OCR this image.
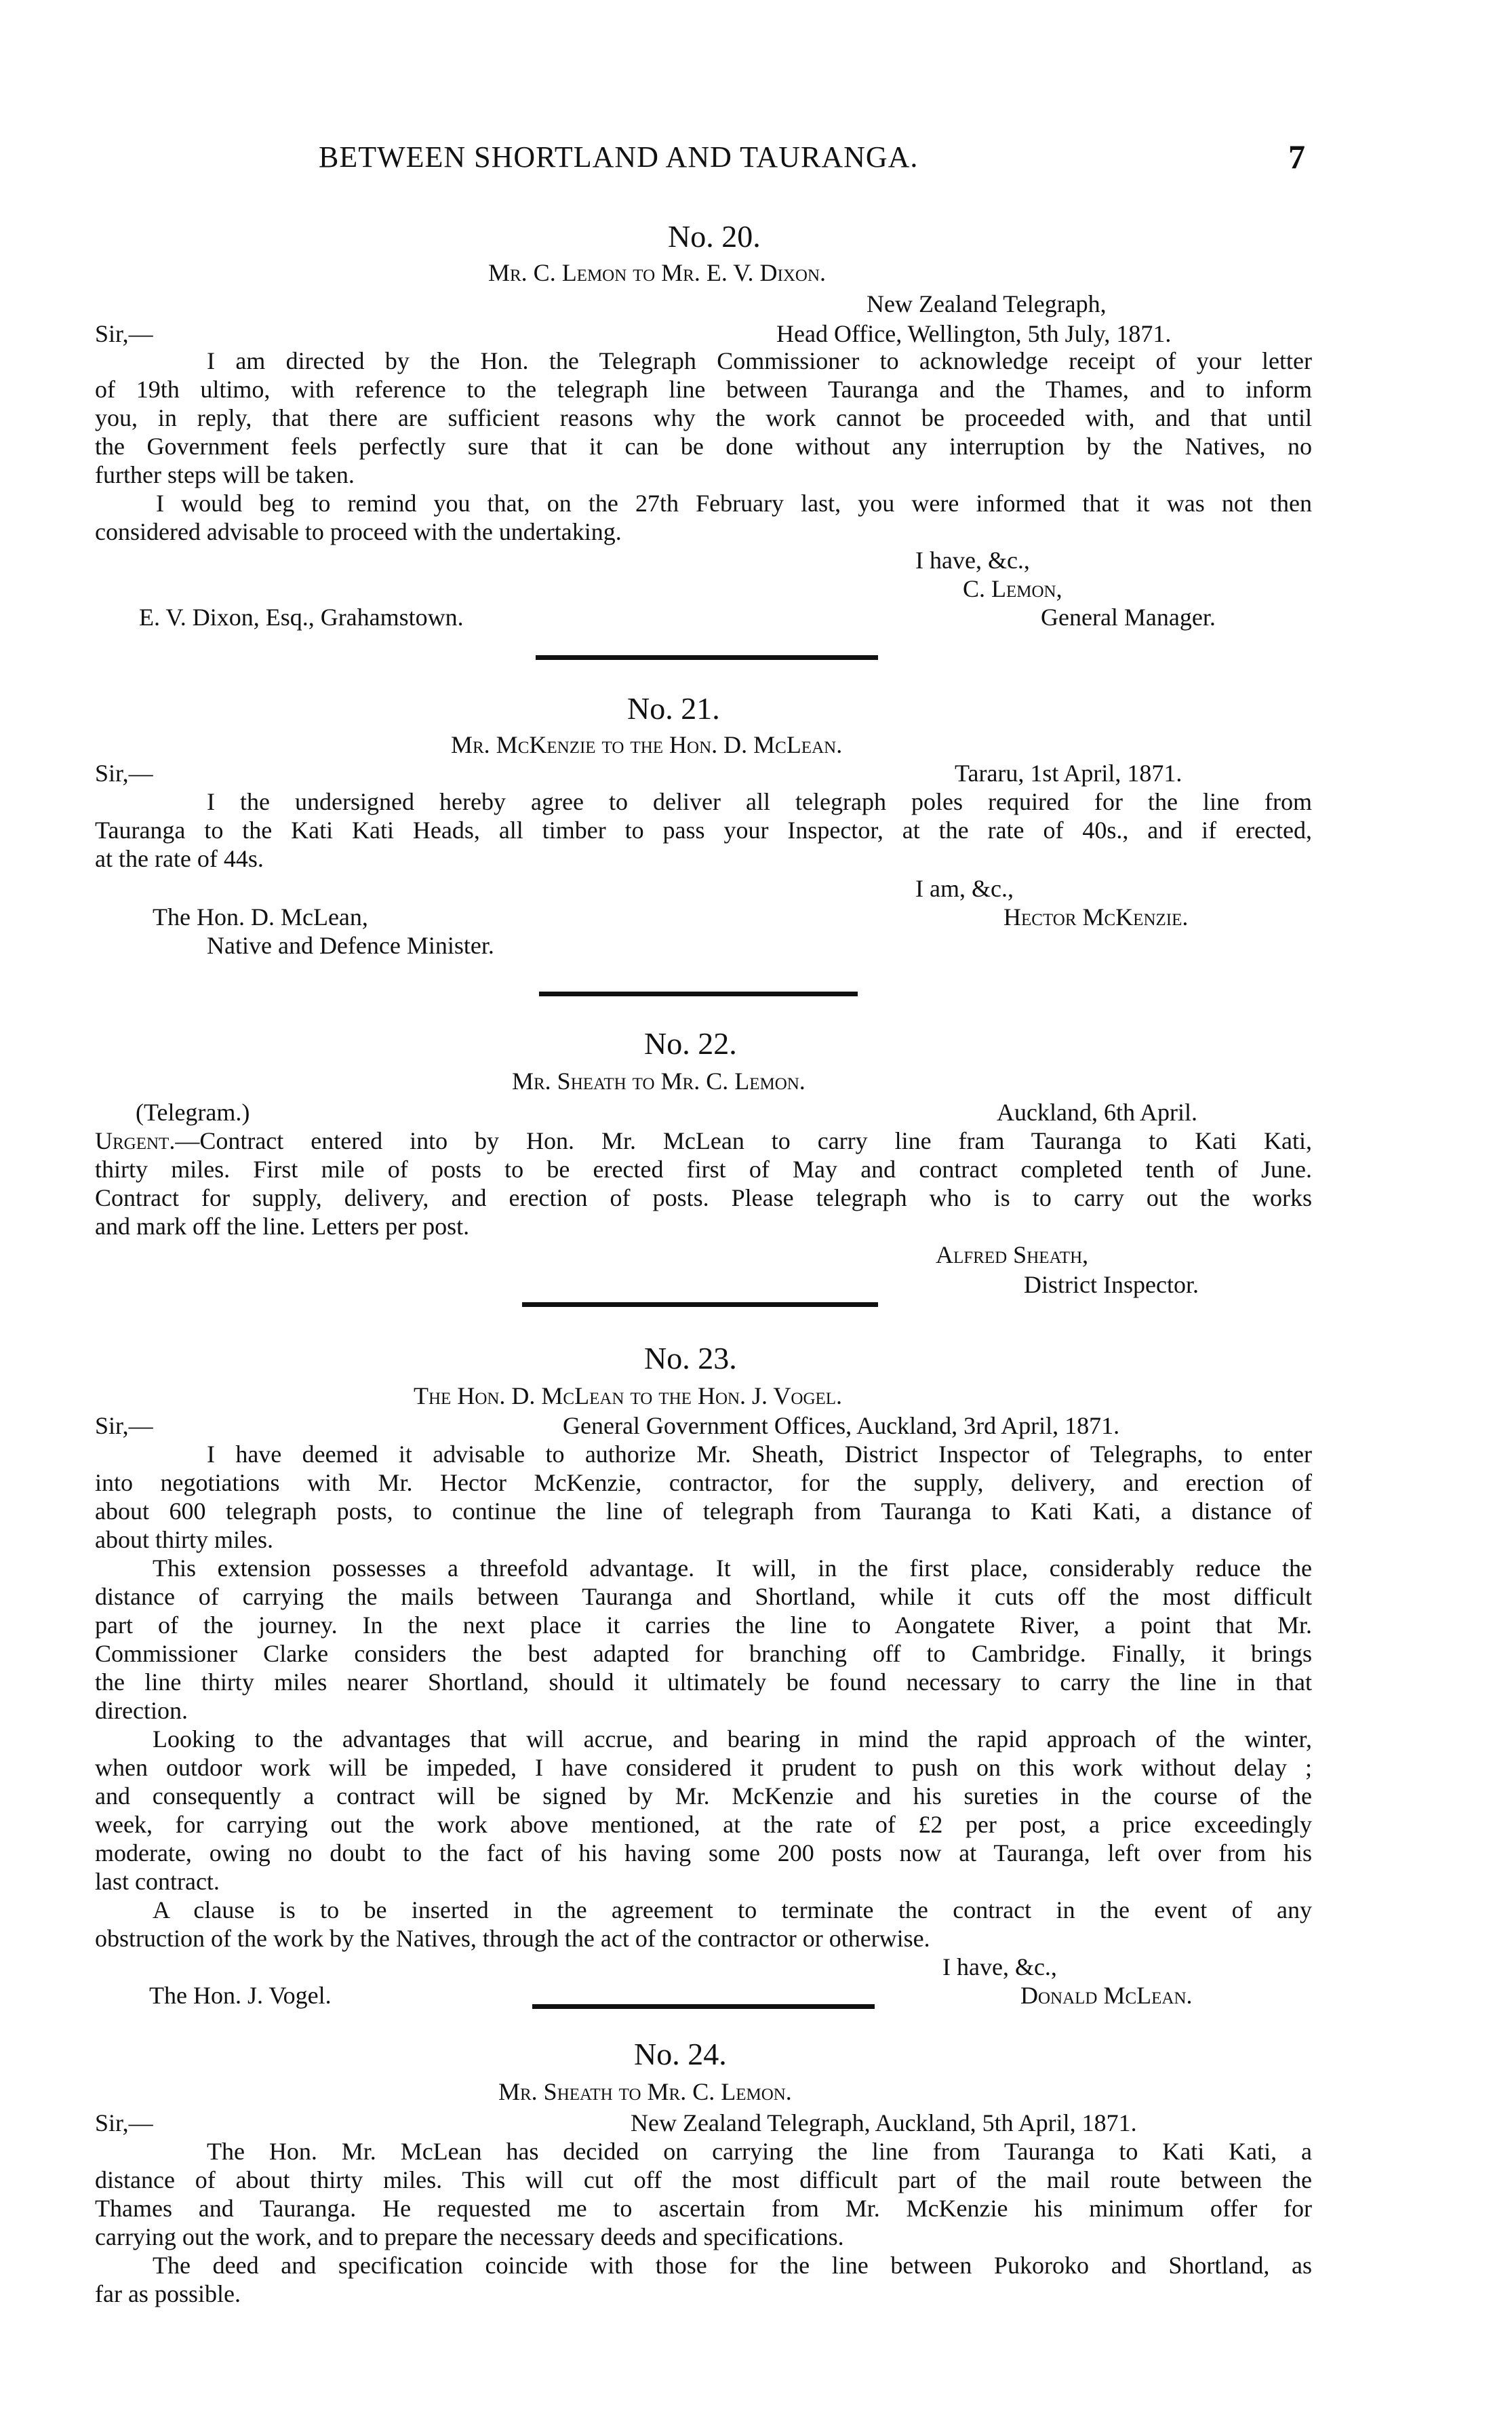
BETWEEN SHORTLAND AND TAURANGA.	7
No. 20.
Mr. C. Lemon to Mr. E. V. Dixon.
New Zealand Telegraph,
Sir,—	Head Office, Wellington, 5th July, 1871.
I am directed by the Hon. the Telegraph Commissioner to acknowledge receipt of your letter
of 19th ultimo, with reference to the telegraph line between Tauranga and the Thames, and to inform
you, in reply, that there are sufficient reasons why the work cannot be proceeded with, and that until
the Government feels perfectly sure that it can be done without any interruption by the Natives, no
further steps will be taken.
I would beg to remind you that, on the 27th February last, you were informed that it was not then
considered advisable to proceed with the undertaking.
I have, &c.,
C. Lemon,
E. V. Dixon, Esq., Grahamstown.	General Manager.
No. 21.
Mr. McKenzie to the Hon. D. McLean.
Sir,—	Tararu, 1st April, 1871.
I the undersigned hereby agree to deliver all telegraph poles required for the line from
Tauranga to the Kati Kati Heads, all timber to pass your Inspector, at the rate of 40s., and if erected,
at the rate of 44s.
I am, &c.,
The Hon. D. McLean,	Hector McKenzie.
Native and Defence Minister.
No. 22.
Mr. Sheath to Mr. C. Lemon.
(Telegram.)	Auckland, 6th April.
Urgent.—Contract entered into by Hon. Mr. McLean to carry line fram Tauranga to Kati Kati,
thirty miles. First mile of posts to be erected first of May and contract completed tenth of June.
Contract for supply, delivery, and erection of posts. Please telegraph who is to carry out the works
and mark off the line. Letters per post.
Alfred Sheath,
District Inspector.
No. 23.
The Hon. D. McLean to the Hon. J. Vogel.
Sir,—	General Government Offices, Auckland, 3rd April, 1871.
I have deemed it advisable to authorize Mr. Sheath, District Inspector of Telegraphs, to enter
into negotiations with Mr. Hector McKenzie, contractor, for the supply, delivery, and erection of
about 600 telegraph posts, to continue the line of telegraph from Tauranga to Kati Kati, a distance of
about thirty miles.
This extension possesses a threefold advantage. It will, in the first place, considerably reduce the
distance of carrying the mails between Tauranga and Shortland, while it cuts off the most difficult
part of the journey. In the next place it carries the line to Aongatete River, a point that Mr.
Commissioner Clarke considers the best adapted for branching off to Cambridge. Finally, it brings
the line thirty miles nearer Shortland, should it ultimately be found necessary to carry the line in that
direction.
Looking to the advantages that will accrue, and bearing in mind the rapid approach of the winter,
when outdoor work will be impeded, I have considered it prudent to push on this work without delay ;
and consequently a contract will be signed by Mr. McKenzie and his sureties in the course of the
week, for carrying out the work above mentioned, at the rate of £2 per post, a price exceedingly
moderate, owing no doubt to the fact of his having some 200 posts now at Tauranga, left over from his
last contract.
A clause is to be inserted in the agreement to terminate the contract in the event of any
obstruction of the work by the Natives, through the act of the contractor or otherwise.
I have, &c.,
The Hon. J. Vogel.	Donald McLean.
No. 24.
Mr. Sheath to Mr. C. Lemon.
Sir,—	New Zealand Telegraph, Auckland, 5th April, 1871.
The Hon. Mr. McLean has decided on carrying the line from Tauranga to Kati Kati, a
distance of about thirty miles. This will cut off the most difficult part of the mail route between the
Thames and Tauranga. He requested me to ascertain from Mr. McKenzie his minimum offer for
carrying out the work, and to prepare the necessary deeds and specifications.
The deed and specification coincide with those for the line between Pukoroko and Shortland, as
far as possible.
